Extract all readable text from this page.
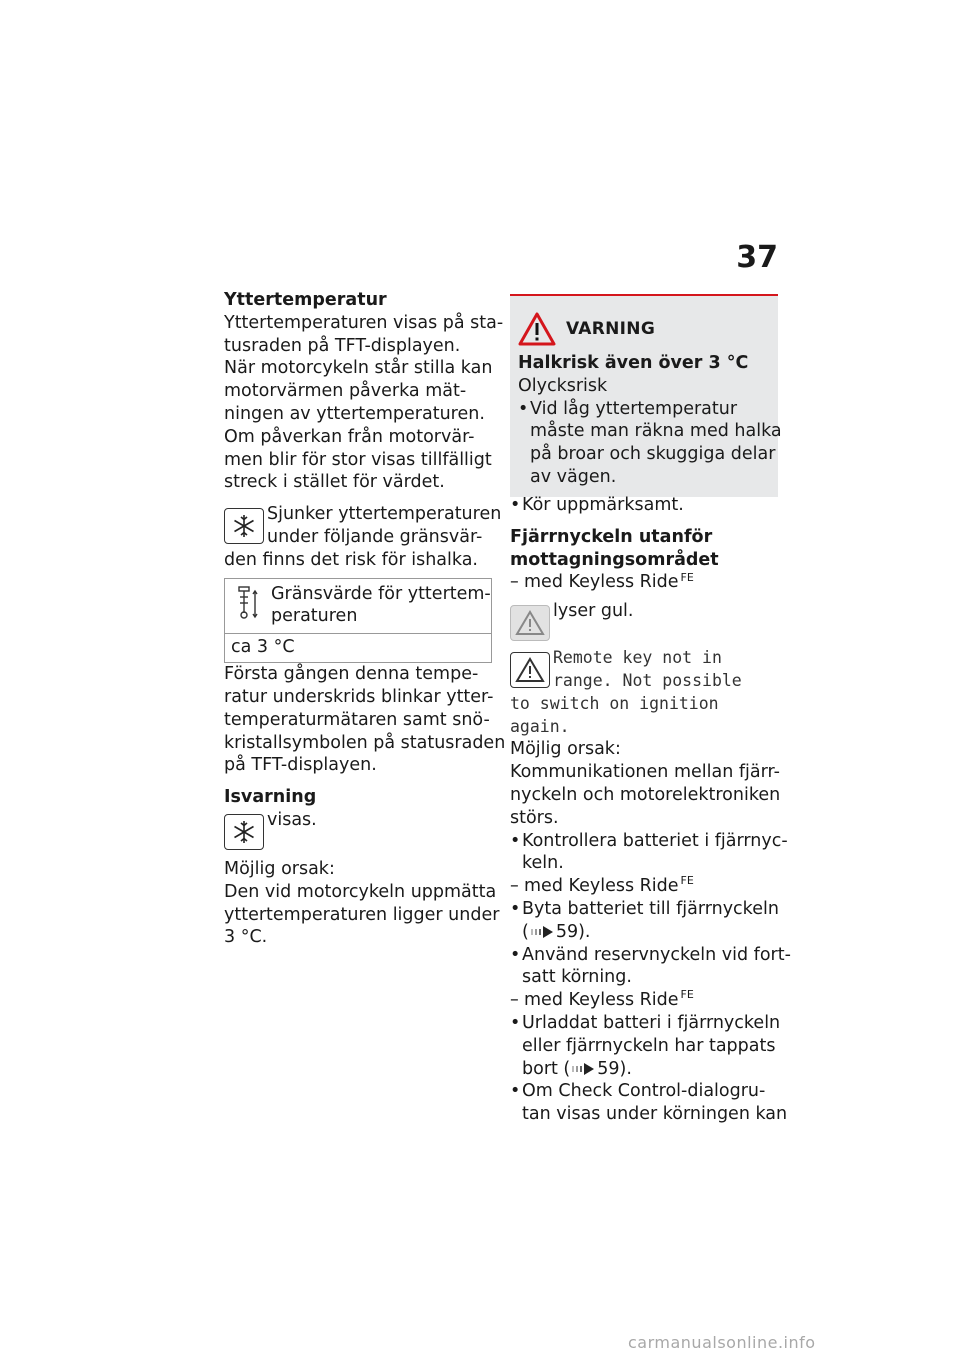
37

Yttertemperatur

Yttertemperaturen visas på sta-
tusraden på TFT-displayen.

När motorcykeln står stilla kan
motorvärmen påverka mät-
ningen av yttertemperaturen.
Om påverkan från motorvär-
men blir för stor visas tillfälligt
streck i stället för värdet.

Sjunker yttertemperaturen
under följande gränsvär-
den finns det risk för ishalka.
Gränsvärde för yttertem-
peraturen
ca 3 °C

Första gången denna tempe-
ratur underskrids blinkar ytter-
temperaturmätaren samt snö-
kristallsymbolen på statusraden
på TFT-displayen.

Isvarning

visas.

Möjlig orsak:

Den vid motorcykeln uppmätta
yttertemperaturen ligger under
3 °C.

VARNING

Halkrisk även över 3 °C

Olycksrisk

• Vid låg yttertemperatur
måste man räkna med halka
på broar och skuggiga delar
av vägen.
• Kör uppmärksamt.

Fjärrnyckeln utanför
mottagningsområdet

– med Keyless Ride $^{FE}$
lyser gul.
Remote key not in
range. Not possible
to switch on ignition
again.

Möjlig orsak:

Kommunikationen mellan fjärr-
nyckeln och motorelektroniken
störs.

• Kontrollera batteriet i fjärrnyc-
keln.
– med Keyless Ride $^{FE}$
• Byta batteriet till fjärrnyckeln
( 59).
• Använd reservnyckeln vid fort-
satt körning.
– med Keyless Ride $^{FE}$
• Urladdat batteri i fjärrnyckeln
eller fjärrnyckeln har tappats
bort ( 59).
• Om Check Control-dialogru-
tan visas under körningen kan
carmanualsonline.info
